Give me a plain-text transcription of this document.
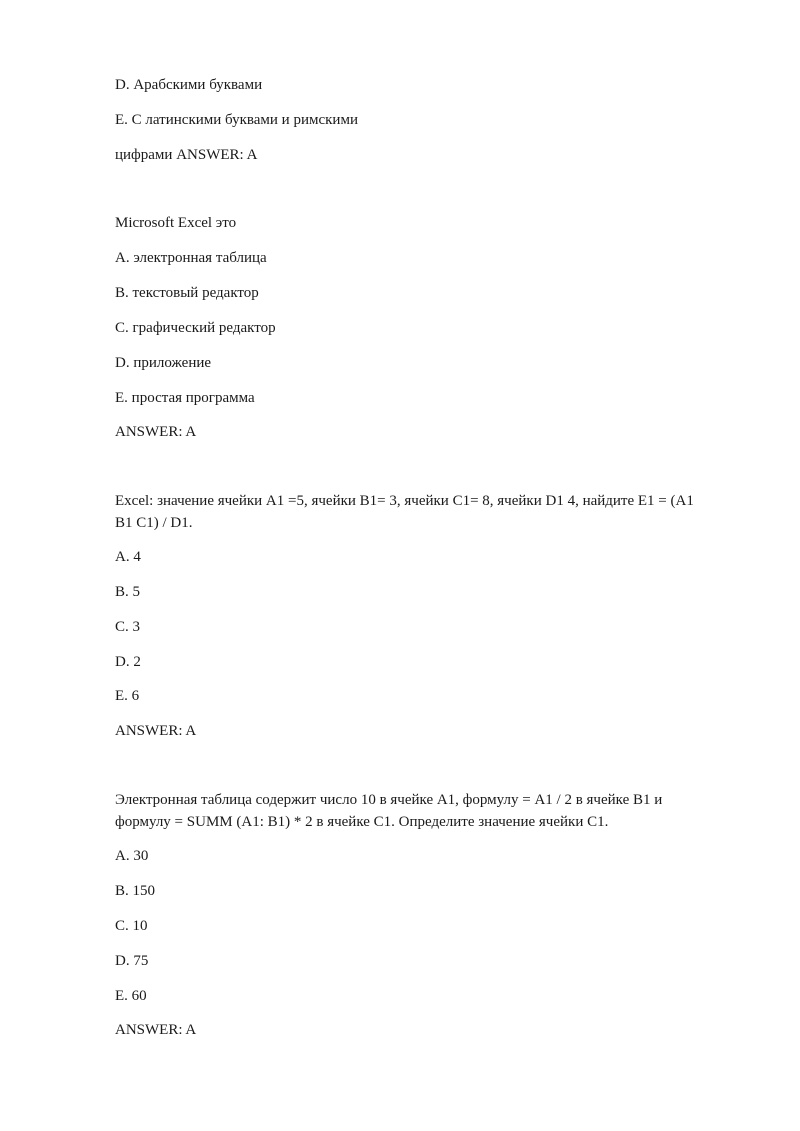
D. Арабскими буквами
E. С латинскими буквами и римскими
цифрами ANSWER: A
Microsoft Excel это
A. электронная таблица
B. текстовый редактор
C. графический редактор
D. приложение
E. простая программа
ANSWER: A
Excel: значение ячейки A1 =5, ячейки B1= 3, ячейки C1= 8, ячейки D1 4, найдите E1 = (A1
B1 C1) / D1.
A. 4
B. 5
C. 3
D. 2
E. 6
ANSWER: A
Электронная таблица содержит число 10 в ячейке A1, формулу = A1 / 2 в ячейке B1 и
формулу = SUMM (A1: B1) * 2 в ячейке C1. Определите значение ячейки C1.
A. 30
B. 150
C. 10
D. 75
E. 60
ANSWER: A
